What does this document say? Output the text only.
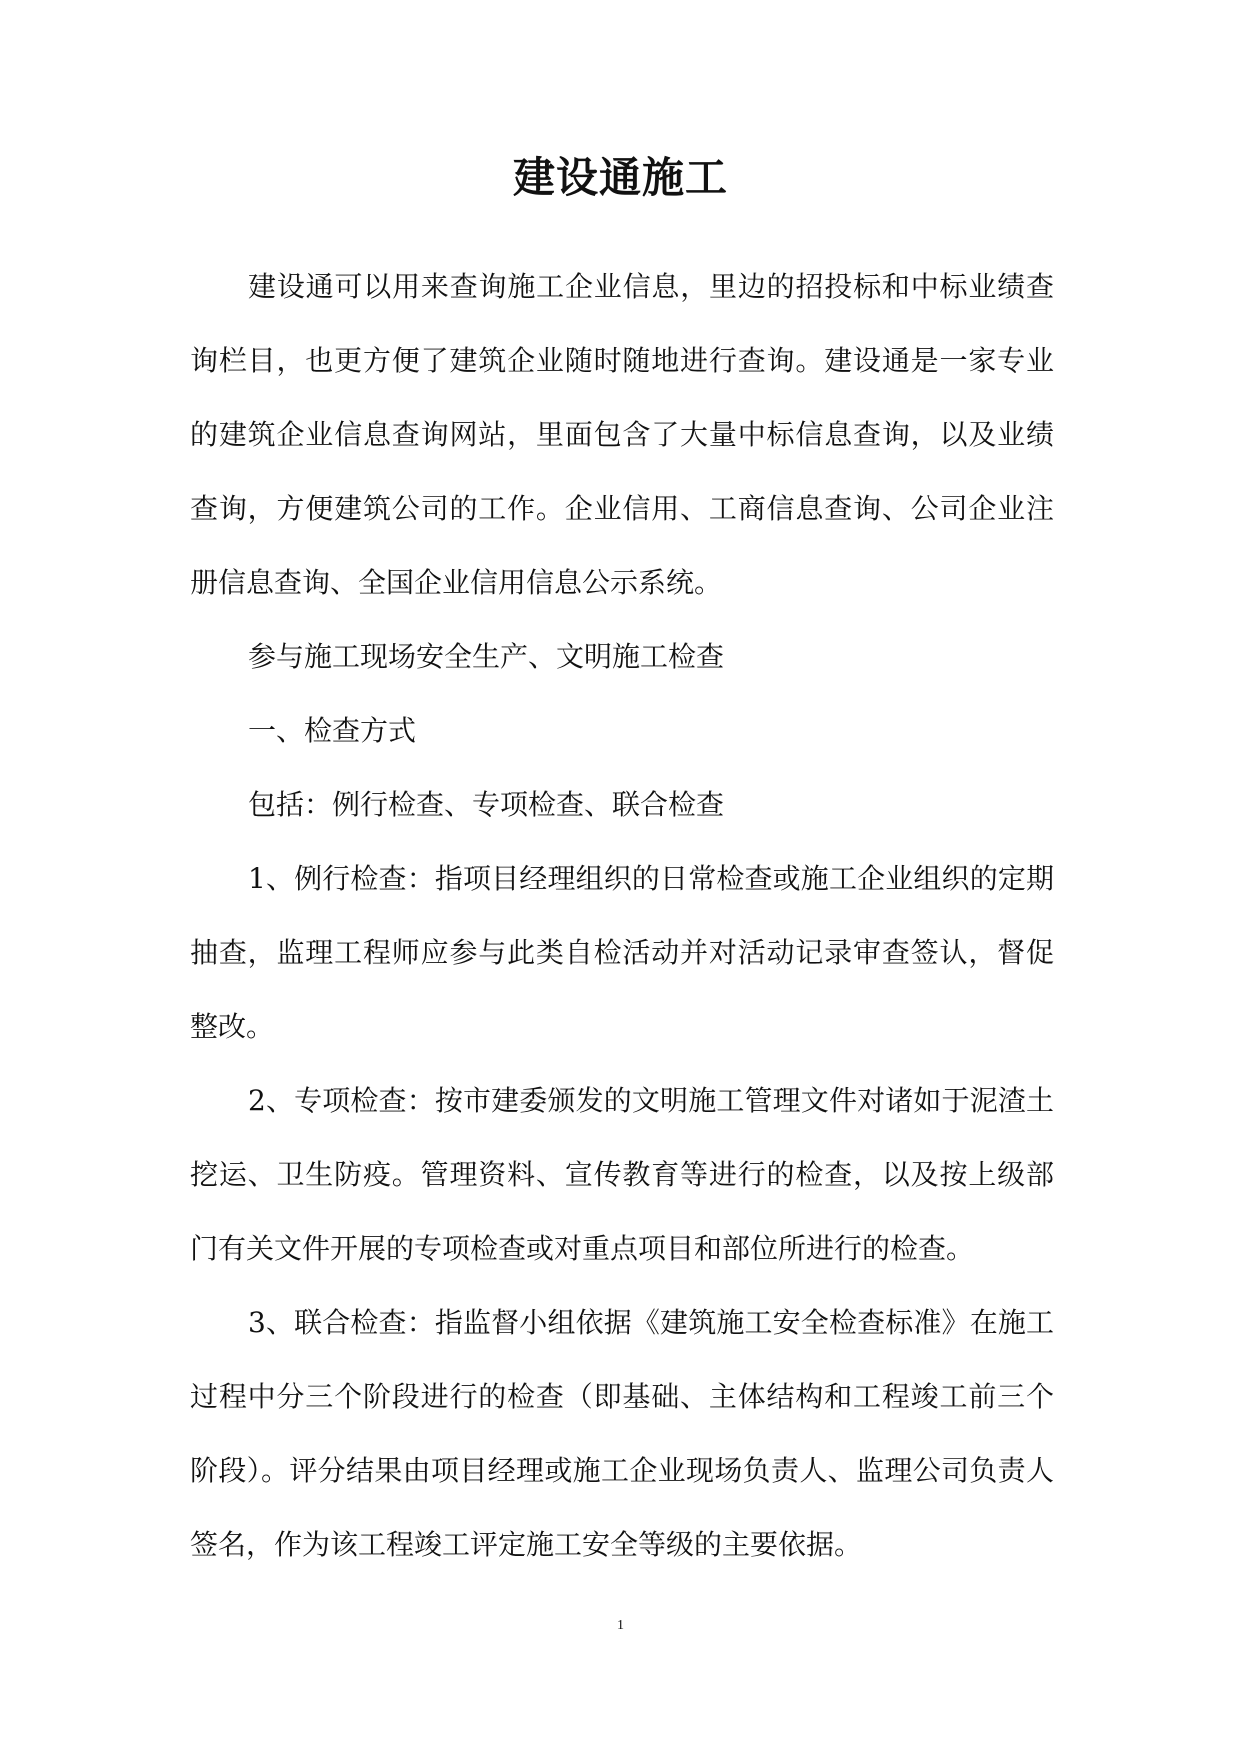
建设通施工

建设通可以用来查询施工企业信息，里边的招投标和中标业绩查询栏目，也更方便了建筑企业随时随地进行查询。建设通是一家专业的建筑企业信息查询网站，里面包含了大量中标信息查询，以及业绩查询，方便建筑公司的工作。企业信用、工商信息查询、公司企业注册信息查询、全国企业信用信息公示系统。

参与施工现场安全生产、文明施工检查

一、检查方式

包括：例行检查、专项检查、联合检查

1、例行检查：指项目经理组织的日常检查或施工企业组织的定期抽查，监理工程师应参与此类自检活动并对活动记录审查签认，督促整改。

2、专项检查：按市建委颁发的文明施工管理文件对诸如于泥渣土挖运、卫生防疫。管理资料、宣传教育等进行的检查，以及按上级部门有关文件开展的专项检查或对重点项目和部位所进行的检查。

3、联合检查：指监督小组依据《建筑施工安全检查标准》在施工过程中分三个阶段进行的检查（即基础、主体结构和工程竣工前三个阶段）。评分结果由项目经理或施工企业现场负责人、监理公司负责人签名，作为该工程竣工评定施工安全等级的主要依据。

1
